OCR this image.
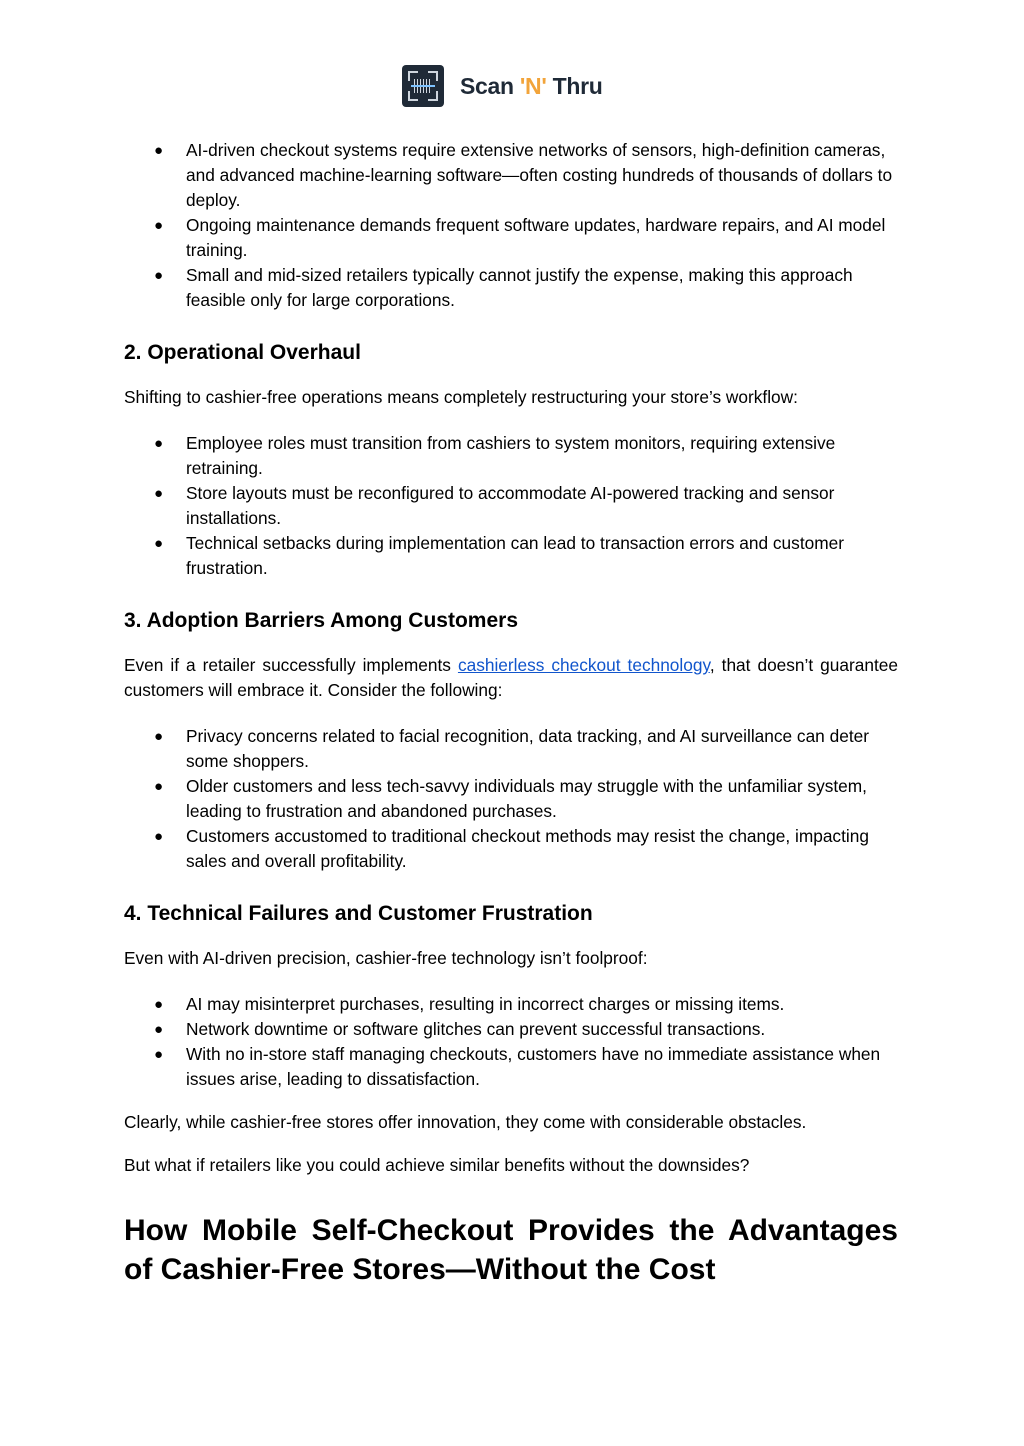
Scan 'N' Thru
● AI-driven checkout systems require extensive networks of sensors, high-definition cameras, and advanced machine-learning software—often costing hundreds of thousands of dollars to deploy.
● Ongoing maintenance demands frequent software updates, hardware repairs, and AI model training.
● Small and mid-sized retailers typically cannot justify the expense, making this approach feasible only for large corporations.
2. Operational Overhaul

Shifting to cashier-free operations means completely restructuring your store’s workflow:

● Employee roles must transition from cashiers to system monitors, requiring extensive retraining.
● Store layouts must be reconfigured to accommodate AI-powered tracking and sensor installations.
● Technical setbacks during implementation can lead to transaction errors and customer frustration.
3. Adoption Barriers Among Customers

Even if a retailer successfully implements cashierless checkout technology, that doesn’t guarantee customers will embrace it. Consider the following:

● Privacy concerns related to facial recognition, data tracking, and AI surveillance can deter some shoppers.
● Older customers and less tech-savvy individuals may struggle with the unfamiliar system, leading to frustration and abandoned purchases.
● Customers accustomed to traditional checkout methods may resist the change, impacting sales and overall profitability.
4. Technical Failures and Customer Frustration

Even with AI-driven precision, cashier-free technology isn’t foolproof:

● AI may misinterpret purchases, resulting in incorrect charges or missing items.
● Network downtime or software glitches can prevent successful transactions.
● With no in-store staff managing checkouts, customers have no immediate assistance when issues arise, leading to dissatisfaction.

Clearly, while cashier-free stores offer innovation, they come with considerable obstacles.

But what if retailers like you could achieve similar benefits without the downsides?

How Mobile Self-Checkout Provides the Advantages of Cashier-Free Stores—Without the Cost
